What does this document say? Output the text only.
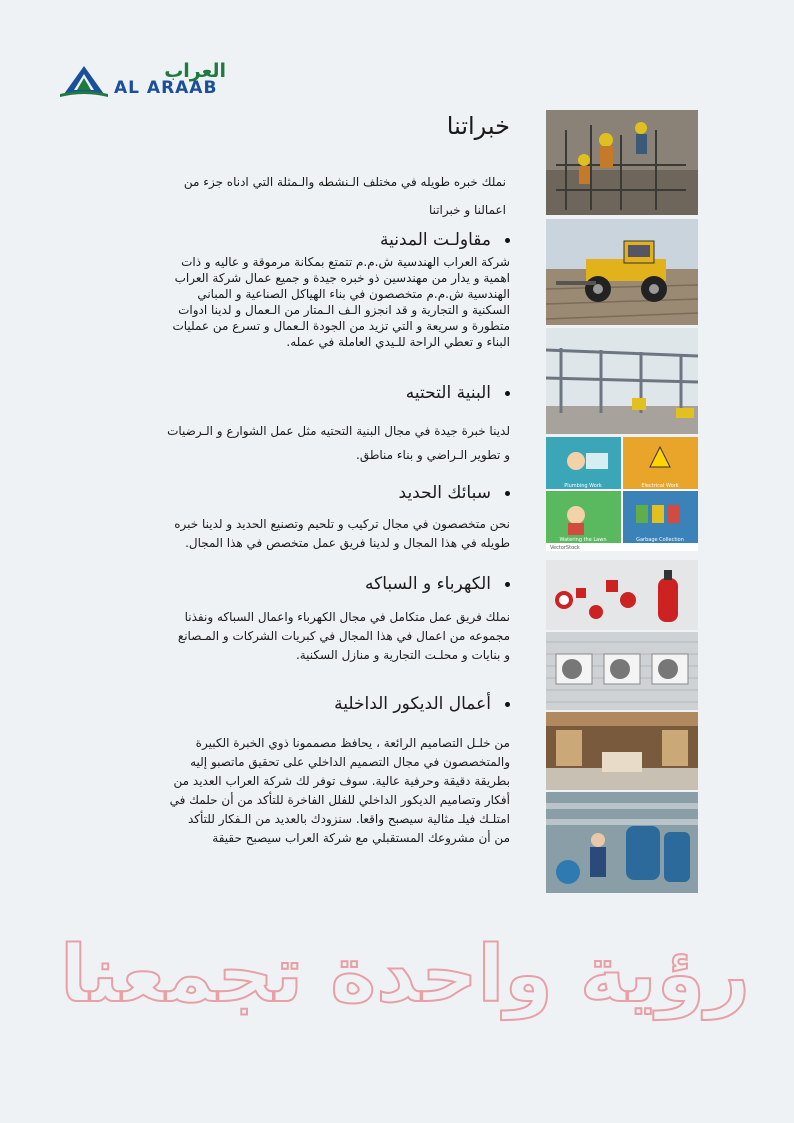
العراب
AL ARAAB
خبراتنا
نملك خبره طويله في مختلف الـنشطه والـمثلة التي ادناه جزء من
اعمالنا و خبراتنا
مقاولـت المدنية
شركة العراب الهندسية ش.م.م تتمتع بمكانة مرموقة و عاليه و ذات
اهمية و يدار من مهندسين ذو خبره جيدة و جميع عمال شركة العراب
الهندسية ش.م.م متخصصون في بناء الهياكل الصناعية و المباني
السكنية و التجارية و قد انجزو الـف الـمتار من الـعمال و لدينا ادوات
متطورة و سريعة و التي تزيد من الجودة الـعمال و تسرع من عمليات
البناء و تعطي الراحة للـيدي العاملة في عمله.
البنية التحتيه
لدينا خبرة جيدة في مجال البنية التحتيه مثل عمل الشوارع و الـرضيات
و تطوير الـراضي و بناء مناطق.
سبائك الحديد
نحن متخصصون في مجال تركيب و تلحيم وتصنيع الحديد و لدينا خبره
طويله في هذا المجال و لدينا فريق عمل متخصص في هذا المجال.
الكهرباء و السباكه
نملك فريق عمل متكامل في مجال الكهرباء واعمال السباكه ونفذنا
مجموعه من اعمال في هذا المجال في كبريات الشركات و المـصانع
و بنايات و محلـت التجارية و منازل السكنية.
أعمال الديكور الداخلية
من خلـل التصاميم الرائعة ، يحافظ مصممونا ذوي الخبرة الكبيرة
والمتخصصون في مجال التصميم الداخلي على تحقيق ماتصبو إليه
بطريقة دقيقة وحرفية عالية. سوف توفر لك شركة العراب العديد من
أفكار وتصاميم الديكور الداخلي للفلل الفاخرة للتأكد من أن حلمك في
امتلـك فيلـ مثالية سيصبح واقعا. سنزودك بالعديد من الـفكار للتأكد
من أن مشروعك المستقبلي مع شركة العراب سيصبح حقيقة
Plumbing Work	Electrical Work
Watering the Lawn	Garbage Collection
VectorStock
رؤية واحدة تجمعنا
